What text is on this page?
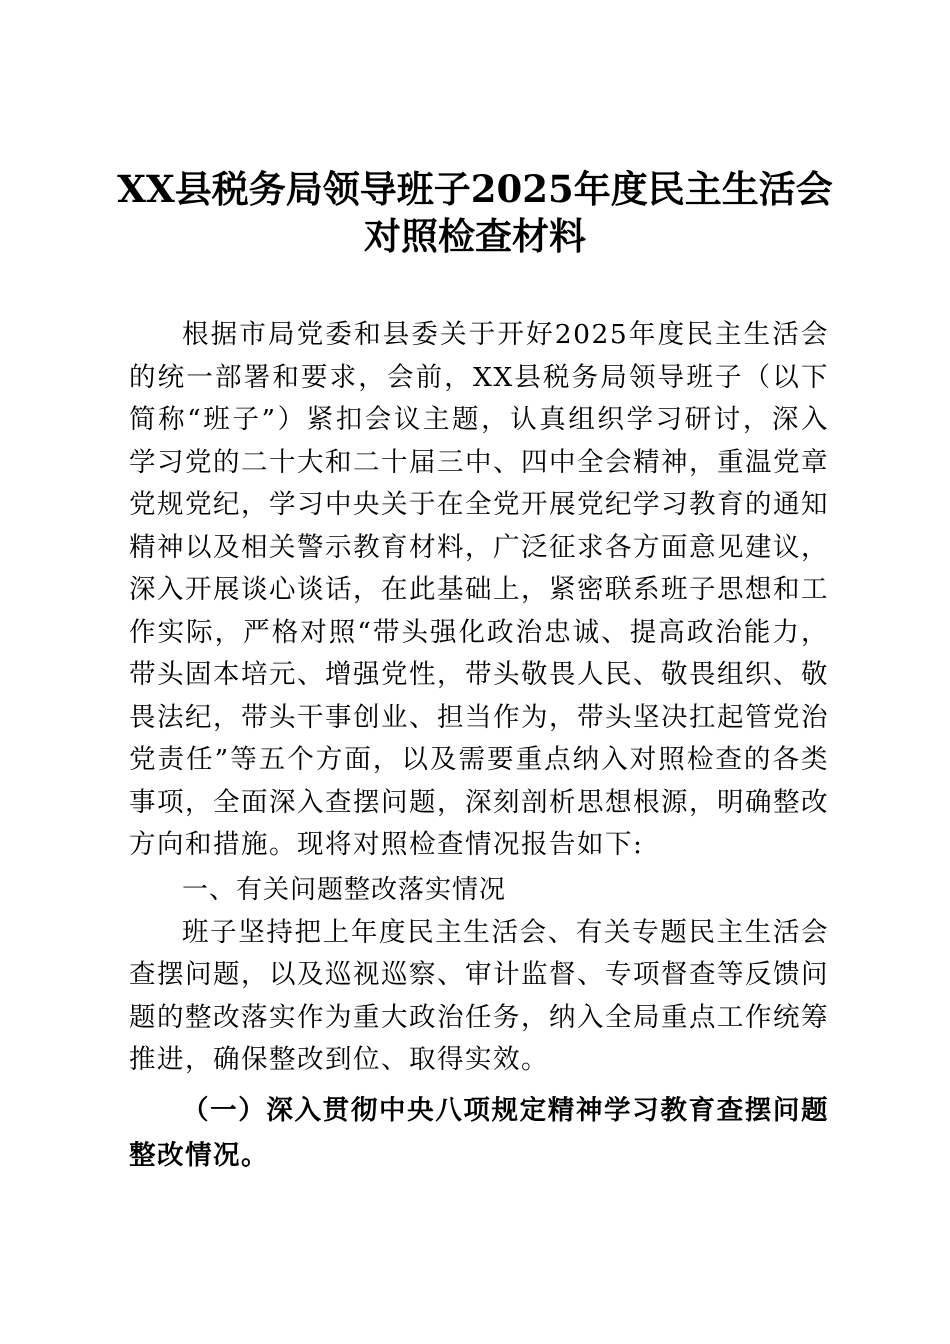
XX县税务局领导班子2025年度民主生活会对照检查材料

根据市局党委和县委关于开好2025年度民主生活会的统一部署和要求，会前，XX县税务局领导班子（以下简称“班子”）紧扣会议主题，认真组织学习研讨，深入学习党的二十大和二十届三中、四中全会精神，重温党章党规党纪，学习中央关于在全党开展党纪学习教育的通知精神以及相关警示教育材料，广泛征求各方面意见建议，深入开展谈心谈话，在此基础上，紧密联系班子思想和工作实际，严格对照“带头强化政治忠诚、提高政治能力，带头固本培元、增强党性，带头敬畏人民、敬畏组织、敬畏法纪，带头干事创业、担当作为，带头坚决扛起管党治党责任”等五个方面，以及需要重点纳入对照检查的各类事项，全面深入查摆问题，深刻剖析思想根源，明确整改方向和措施。现将对照检查情况报告如下:

一、有关问题整改落实情况

班子坚持把上年度民主生活会、有关专题民主生活会查摆问题，以及巡视巡察、审计监督、专项督查等反馈问题的整改落实作为重大政治任务，纳入全局重点工作统筹推进，确保整改到位、取得实效。

（一）深入贯彻中央八项规定精神学习教育查摆问题整改情况。
